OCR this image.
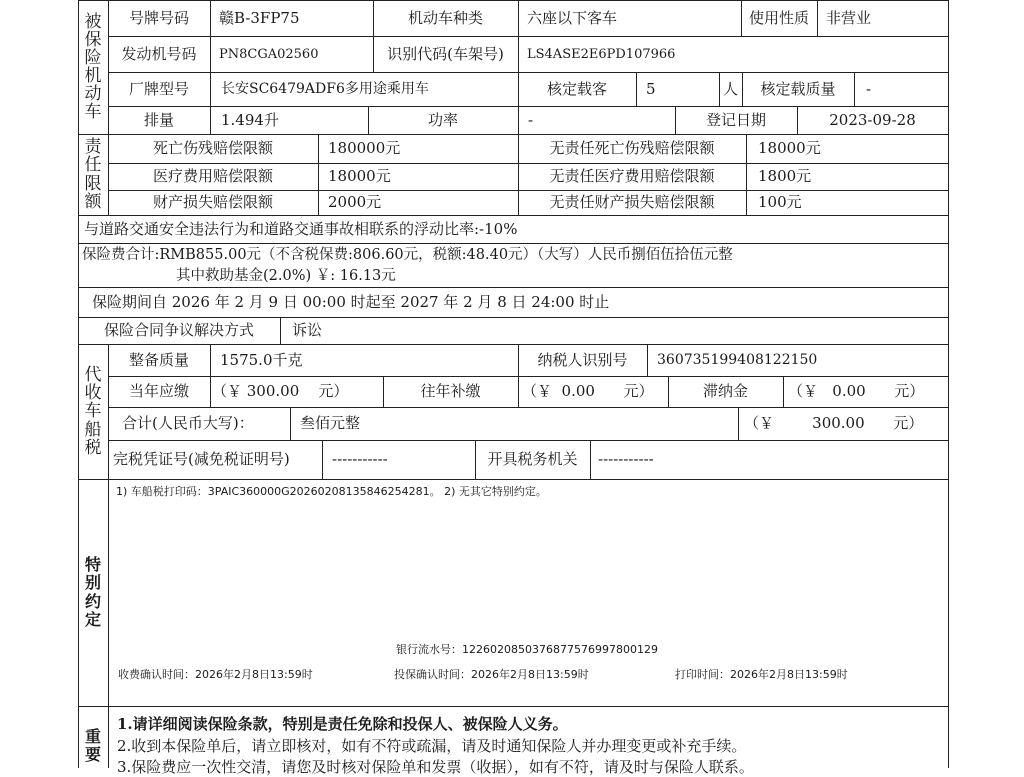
被
保
险
机
动
车
号牌号码	赣B-3FP75	机动车种类	六座以下客车	使用性质	非营业
发动机号码	PN8CGA02560	识别代码(车架号)	LS4ASE2E6PD107966
厂牌型号	长安SC6479ADF6多用途乘用车	核定载客	5	人	核定载质量	-
排量	1.494升	功率	-	登记日期	2023-09-28
责
任
限
额
死亡伤残赔偿限额	180000元	无责任死亡伤残赔偿限额	18000元
医疗费用赔偿限额	18000元	无责任医疗费用赔偿限额	1800元
财产损失赔偿限额	2000元	无责任财产损失赔偿限额	100元
与道路交通安全违法行为和道路交通事故相联系的浮动比率:-10%
保险费合计:RMB855.00元（不含税保费:806.60元，税额:48.40元）（大写）人民币捌佰伍拾伍元整
其中救助基金(2.0%) ￥: 16.13元
保险期间自 2026 年 2 月 9 日 00:00 时起至 2027 年 2 月 8 日 24:00 时止
保险合同争议解决方式	诉讼
代
收
车
船
税
整备质量	1575.0千克	纳税人识别号	360735199408122150
当年应缴	（￥ 300.00    元）	往年补缴	（￥  0.00      元）	滞纳金	（￥   0.00      元）
合计(人民币大写)：	叁佰元整	（￥        300.00      元）
完税凭证号(减免税证明号)	-----------	开具税务机关	-----------
特
别
约
定
1) 车船税打印码：3PAIC360000G20260208135846254281。 2) 无其它特别约定。
银行流水号：1226020850376877576997800129
收费确认时间：2026年2月8日13:59时	投保确认时间：2026年2月8日13:59时	打印时间：2026年2月8日13:59时
重
要
1.请详细阅读保险条款，特别是责任免除和投保人、被保险人义务。
2.收到本保险单后，请立即核对，如有不符或疏漏，请及时通知保险人并办理变更或补充手续。
3.保险费应一次性交清，请您及时核对保险单和发票（收据），如有不符，请及时与保险人联系。
